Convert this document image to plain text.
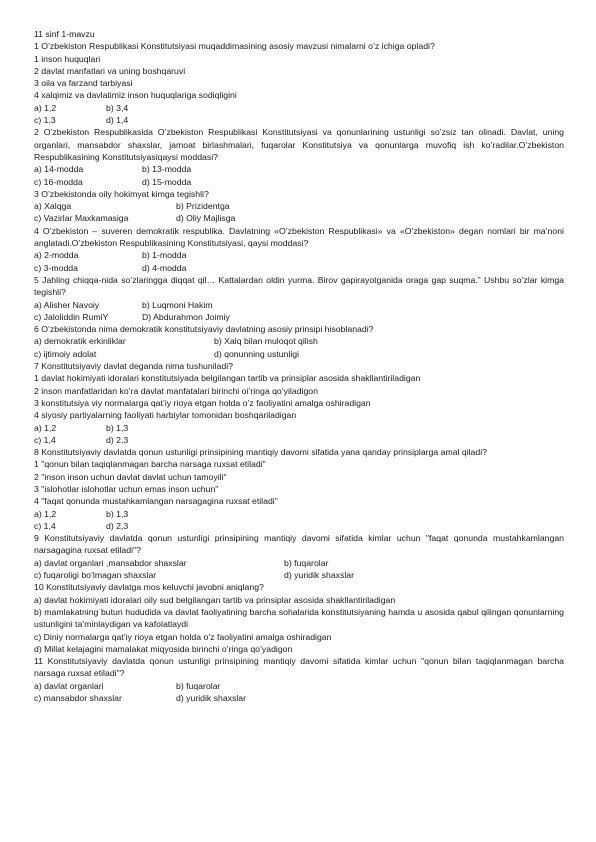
11 sinf 1-mavzu
1 O’zbekiston Respublikasi Konstitutsiyasi muqaddimasining asosiy mavzusi nimalarni o’z ichiga opladi?
1 inson huquqlari
2 davlat manfatlari va uning boshqaruvi
3 oila va farzand tarbiyasi
4 xalqimiz va davlatimiz inson huquqlariga sodiqligini
a) 1,2	b) 3,4
c) 1,3	d) 1,4
2 O’zbekiston Respublikasida O’zbekiston Respublikasi Konstitutsiyasi va qonunlarining ustunligi so’zsiz tan olinadi. Davlat, uning organlari, mansabdor shaxslar, jamoat birlashmalari, fuqarolar Konstitutsiya va qonunlarga muvofiq ish ko’radilar.O’zbekiston Respublikasining Konstitutsiyasiqaysi moddasi?
a) 14-modda	b) 13-modda
c) 16-modda	d) 15-modda
3 O’zbekistonda oily hokimyat kimga tegishli?
a) Xalqga	b) Prizidentga
c) Vazirlar Maxkamasiga	d) Oliy Majlisga
4 O’zbekiston – suveren demokratik respublika. Davlatning «O’zbekiston Respublikasi» va «O’zbekiston» degan nomlari bir ma’noni anglatadi.O’zbekiston Respublikasining Konstitutsiyasi, qaysi moddasi?
a) 2-modda	b) 1-modda
c) 3-modda	d) 4-modda
5 Jahling chiqqa-nida so’zlaringga diqqat qil… Kattalardan oldin yurma. Birov gapirayotganida oraga gap suqma.” Ushbu so’zlar kimga tegishli?
a) Alisher Navoiy	b) Luqmoni Hakim
c) Jaloliddin RumiY	D) Abdurahmon Joimiy
6 O’zbekistonda nima demokratik konstitutsiyaviy davlatning asosiy prinsipi hisoblanadi?
a) demokratik erkinliklar	b) Xalq bilan muloqot qilish
c) ijtimoiy adolat	d) qonunning ustunligi
7 Konstitutsiyaviy davlat deganda nima tushuniladi?
1 davlat hokimiyati idoralari konstitutsiyada belgilangan tartib va prinsiplar asosida shakllantiriladigan
2 inson manfatlaridan ko’ra davlat manfatalari birinchi oi’ringa qo’yiladigon
3 konstitutsiya viy normalarga qat’iy rioya etgan holda o’z faoliyatini amalga oshiradigan
4 siyosiy partiyalarning faoliyati harbiylar tomonidan boshqariladigan
a) 1,2	b) 1,3
c) 1,4	d) 2,3
8 Konstitutsiyaviy davlatda qonun ustunligi prinsipining mantiqiy davomi sifatida yana qanday prinsiplarga amal qiladi?
1 "qonun bilan taqiqlanmagan barcha narsaga ruxsat etiladi"
2 "inson inson uchun davlat davlat uchun tamoyili"
3 "islohotlar islohotlar uchun emas inson uchun"
4 "faqat qonunda mustahkamlangan narsagagina ruxsat etiladi"
a) 1,2	b) 1,3
c) 1,4	d) 2,3
9 Konstitutsiyaviy davlatda qonun ustunligi prinsipining mantiqiy davomi sifatida kimlar uchun "faqat qonunda mustahkamlangan narsagagina ruxsat etiladi"?
a) davlat organlari ,mansabdor shaxslar	b) fuqarolar
c) fuqaroligi bo’lmagan shaxslar	d) yuridik shaxslar
10 Konstitutsiyaviy davlatga mos keluvchi javobni aniqlang?
a) davlat hokimiyati idoralari oily sud belgilangan tartib va prinsiplar asosida shakllantiriladigan
b) mamlakatning butun hududida va davlat faoliyatining barcha sohalarida konstitutsiyaning hamda u asosida qabul qilingan qonunlarning ustunligini ta’minlaydigan va kafolatlaydi
c) Diniy normalarga qat’iy rioya etgan holda o’z faoliyatini amalga oshiradigan
d) Millat kelajagini mamalakat miqyosida birinchi o’ringa qo’yadigon
11 Konstitutsiyaviy davlatda qonun ustunligi prinsipining mantiqiy davomi sifatida kimlar uchun "qonun bilan taqiqlanmagan barcha narsaga ruxsat etiladi"?
a) davlat organlari	b) fuqarolar
c) mansabdor shaxslar	d) yuridik shaxslar
